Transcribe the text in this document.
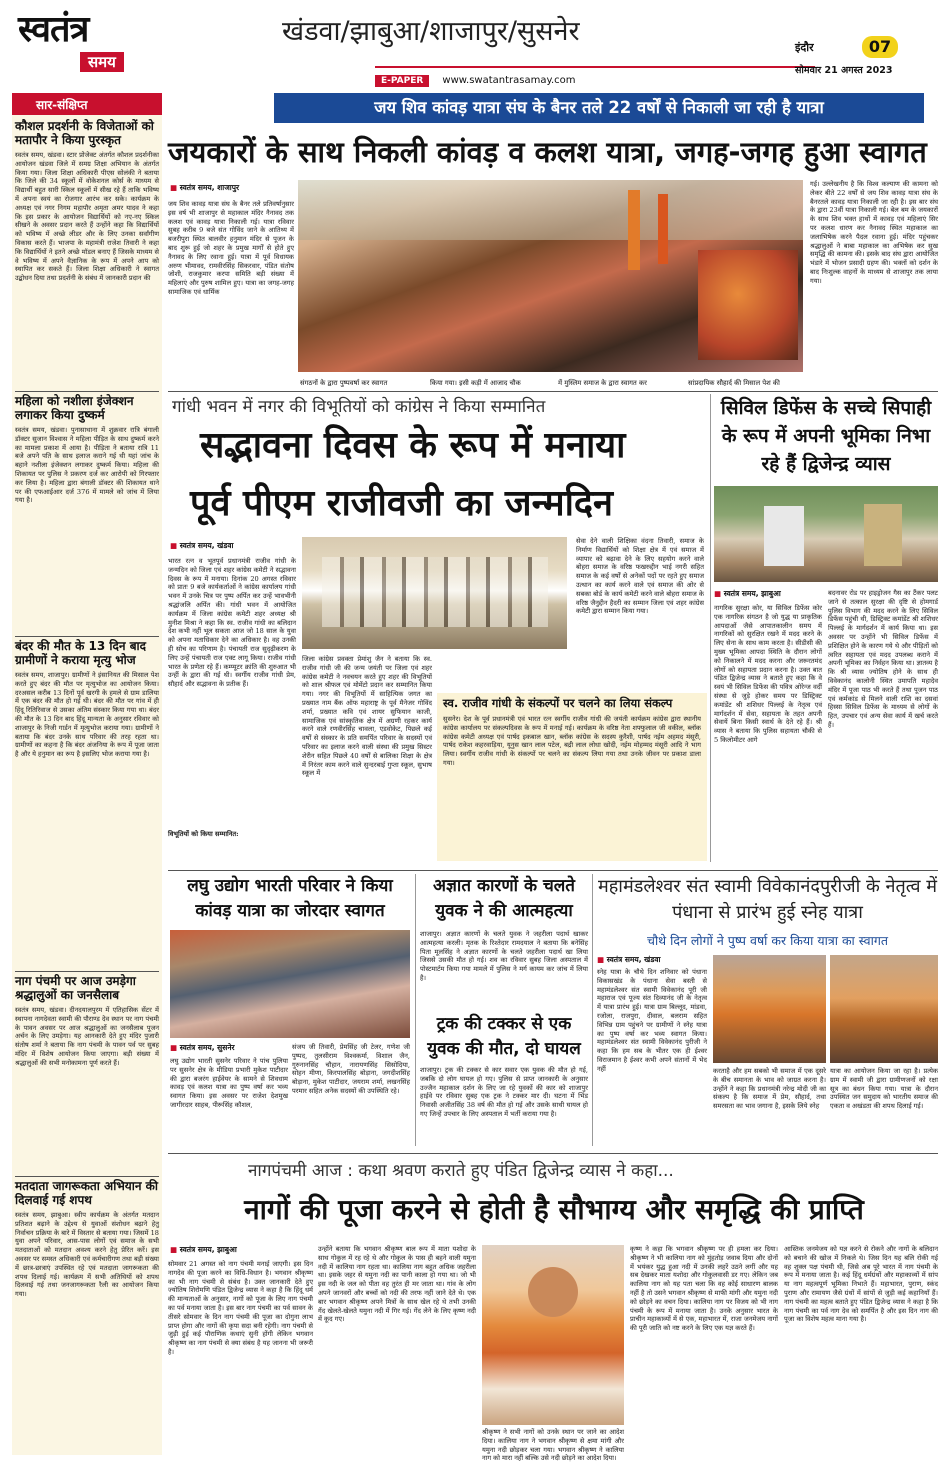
स्वतंत्र
समय
खंडवा/झाबुआ/शाजापुर/सुसनेर
E-PAPER www.swatantrasamay.com
इंदौर	07
सोमवार 21 अगस्त 2023
जय शिव कांवड़ यात्रा संघ के बैनर तले 22 वर्षों से निकाली जा रही है यात्रा
सार-संक्षिप्त
कौशल प्रदर्शनी के विजेताओं को मतापौर ने किया पुरस्कृत
स्वतंत्र समय, खंडवा। स्टार प्रोजेक्ट अंतर्गत कौशल प्रदर्शनीका आयोजन खंडवा जिले में समग्र शिक्षा अभियान के अंतर्गत किया गया। जिला शिक्षा अधिकारी पीएस सोलंकी ने बताया कि जिले की 34 स्कूलों में वोकेशनल कोर्स के माध्यम से विद्यार्थी बहुत सारी स्किल स्कूलों में सीख रहे हैं ताकि भविष्य में अपना स्वयं का रोजगार आरंभ कर सके। कार्यक्रम के अध्यक्ष एवं नगर निगम महापौर अमृता अमर यादव ने कहा कि इस प्रकार के आयोजन विद्यार्थियों को नए-नए स्किल सीखने के अवसर प्रदान करते हैं उन्होंने कहा कि विद्यार्थियों को भविष्य में अच्छे लीडर और के लिए उनका सर्वांगीण विकास करते हैं। भाजपा के महामंत्री राजेश तिवारी ने कहा कि विद्यार्थियों ने इतने अच्छे मॉडल बनाए हैं जिसके माध्यम से वे भविष्य में अपने वैज्ञानिक के रूप में अपने आप को स्थापित कर सकते हैं। जिला शिक्षा अधिकारी ने स्वागत उद्बोधन दिया तथा प्रदर्शनी के संबंध में जानकारी प्रदान की
महिला को नशीला इंजेक्शन लगाकर किया दुष्कर्म
स्वतंत्र समय, खंडवा। पुनासाथाना में शुक्रवार रात्रि बंगाली डॉक्टर सुजान विश्वास ने महिला पीड़ित के साथ दुष्कर्म करने का मामला प्रकाश में आया है। पीड़िता ने बताया रात्रि 11 बजे अपने पति के साथ इलाज कराने गई थी यहां जांच के बहाने नशीला इंजेक्शन लगाकर दुष्कर्म किया। महिला की शिकायत पर पुलिस ने प्रकरण दर्ज कर आरोपी को गिरफ्तार कर लिया है। महिला द्वारा बंगाली डॉक्टर की शिकायत थाने पर की एफआईआर दर्ज 376 में मामले को जांच में लिया गया है।
बंदर की मौत के 13 दिन बाद ग्रामीणों ने कराया मृत्यु भोज
स्वतंत्र समय, शाजापुर। ग्रामीणों ने इंसानियत की मिसाल पेश करते हुए बंदर की मौत पर मृत्युभोज का आयोजन किया। दरअसल करीब 13 दिनों पूर्व खरगी के हमले से ग्राम डालिया में एक बंदर की मौत हो गई थी। बंदर की मौत पर गांव में ही हिंदू रितिरिवाज से उसका अंतिम संस्कार किया गया था। बंदर की मौत के 13 दिन बाद हिंदू मान्यता के अनुसार रविवार को शाजापुर के निजी गार्डन में मृत्युभोज कराया गया। ग्रामीणों ने बताया कि बंदर उनके साथ परिवार की तरह रहता था। ग्रामीणों का कहना है कि बंदर अंजनिया के रूप में पूजा जाता है और ये हनुमान का रूप है इसलिए भोज कराया गया है।
नाग पंचमी पर आज उमड़ेगा श्रद्धालुओं का जनसैलाब
स्वतंत्र समय, खंडवा। दीनदयालपुरम में एतिहासिक सेंटर में स्थापना नागदेवता स्वामी की पौराण्ड देव स्थान पर नाग पंचमी के पावन अवसर पर आज श्रद्धालुओं का जनसैलाब पूजन अर्चन के लिए उमड़ेगा। यह आनकारी देते हुए मंदिर पुजारी संतोष शर्मा ने बताया कि नाग पंचमी के पावन पर्व पर सुबह मंदिर में विशेष आयोजन किया जाएगा। बड़ी संख्या में श्रद्धालुओं की सभी मनोकामना पूर्ण करते हैं।
मतदाता जागरूकता अभियान की दिलवाई गई शपथ
स्वतंत्र समय, झाबुआ। स्वीप कार्यक्रम के अंतर्गत मतदान प्रतिशत बढ़ाने के उद्देश्य से युवाओं संशोधन बढ़ाने हेतु निर्वाचन प्रक्रिया के बारे में विस्तार से बताया गया। जिसमें 18 युवा अपने परिवार, आस-पास लोगों एवं समाज के सभी मतदाताओं को मतदान अवश्य करने हेतु प्रेरित करें। इस अवसर पर समस्त अधिकारी एवं कर्मचारीगण तथा बड़ी संख्या में छात्र-छात्राएं उपस्थित रहे एवं मतदाता जागरूकता की शपथ दिलाई गई। कार्यक्रम में सभी अतिथियों को शपथ दिलवाई गई तथा जनजागरूकता रैली का आयोजन किया गया।
जयकारों के साथ निकली कांवड़ व कलश यात्रा, जगह-जगह हुआ स्वागत
■ स्वतंत्र समय, शाजापुर
जय शिव कावड़ यात्रा संघ के बैनर तले प्रतिवर्षानुसार इस वर्ष भी शाजापुर से महाकाल मंदिर नैनावद तक कलश एवं कावड़ यात्रा निकाली गई। यात्रा रविवार सुबह करीब 9 बजे संत गोविंद जाने के आतिथ्य में बजरीपुरा स्थित बालवीर हनुमान मंदिर से पूजन के बाद शुरू हुई जो शहर के प्रमुख मार्गों से होते हुए नैनावद के लिए रवाना हुई। यात्रा में पूर्व विधायक अरुण भीमावद, रामवीरसिंह सिकरवार, पंडित संतोष जोशी, राजकुमार करपा समिति बड़ी संख्या में महिलाएं और पुरुष शामिल हुए। यात्रा का जगह-जगह सामाजिक एवं धार्मिक
संगठनों के द्वारा पुष्पवर्षा कर स्वागत	किया गया। इसी कड़ी में आजाद चौक	में मुस्लिम समाज के द्वारा स्वागत कर	सांप्रदायिक सौहार्द की मिसाल पेश की
गई। उल्लेखनीय है कि विश्व कल्याण की कामना को लेकर बीते 22 वर्षों से जय शिव कावड़ यात्रा संघ के बैनरतले कावड़ यात्रा निकाली जा रही है। इस बार संघ के द्वारा 23वीं यात्रा निकाली गई। बेल बम के जयकारों के साथ शिव भक्त हाथों में कावड़ एवं महिलाएं सिर पर कलश धारण कर नैनावद स्थित महाकाल का जलाभिषेक करने पैदल रवाना हुई। मंदिर पहुंचकर श्रद्धालुओं ने बाबा महाकाल का अभिषेक कर सुख समृद्धि की कामना की। इसके बाद संघ द्वारा आयोजित भंडारे में भोजन प्रसादी ग्रहण की। भक्तों को दर्शन के बाद निःशुल्क वाहनों के माध्यम से शाजापुर तक लाया गया।
गांधी भवन में नगर की विभूतियों को कांग्रेस ने किया सम्मानित
सद्भावना दिवस के रूप में मनाया
पूर्व पीएम राजीवजी का जन्मदिन
■ स्वतंत्र समय, खंडवा
भारत रत्न व भूतपूर्व प्रधानमंत्री राजीव गांधी के जन्मदिन को जिला एवं शहर कांग्रेस कमेटी ने सद्भावना दिवस के रूप में मनाया। दिनांक 20 अगस्त रविवार को प्रातः 9 बजे कार्यकर्ताओं ने कांग्रेस कार्यालय गांधी भवन में उनके चित्र पर पुष्प अर्पित कर उन्हें भावभीनी श्रद्धांजलि अर्पित की। गांधी भवन में आयोजित कार्यक्रम में जिला कांग्रेस कमेटी शहर अध्यक्ष श्री मुनीश मिश्रा ने कहा कि स्व. राजीव गांधी का बलिदान देश कभी नहीं भूल सकता आज जो 18 साल के युवा को अपना मताधिकार देने का अधिकार है। वह उनकी ही सोच का परिणाम है। पंचायती राज सुदृढ़ीकरण के लिए उन्हें पंचायती राज एक्ट लागू किया। राजीव गांधी भारत के प्रणेता रहे हैं। कम्प्यूटर क्रांति की शुरुआत भी उन्हीं के द्वारा की गई थी। स्वर्गीय राजीव गांधी प्रेम, सौहार्द और सद्भावना के प्रतीक हैं।
जिला कांग्रेस प्रवक्ता प्रेमांशु जैन ने बताया कि स्व. राजीव गांधी जी की जन्म जयंती पर जिला एवं शहर कांग्रेस कमेटी ने नवचयन करते हुए शहर की विभूतियों को शाल श्रीफल एवं मोमेंटो प्रदान कर सम्मानित किया गया। नगर की विभूतियों में साहित्यिक जगत का प्रख्यात नाम बैंक ऑफ महाराष्ट्र के पूर्व मैनेजर गोविंद शर्मा, प्रख्यात कवि एवं शायर सुफियान काजी, सामाजिक एवं सांस्कृतिक क्षेत्र में अग्रणी रहकर कार्य करने वाले रणवीरसिंह चावला, एडवोकेट, पिछले कई वर्षों से संस्कार के प्रति समर्पित परिवार के सदस्यों एवं परिवार का इलाज करने वाली संस्था की प्रमुख सिस्टर शेरीन सहित पिछले 40 वर्षों से बालिका शिक्षा के क्षेत्र में निरंतर काम करने वाले सुन्दरबाई गुप्ता स्कूल, सुभाष स्कूल में
विभूतियों को किया सम्मानित:
सेवा देने वाली शिक्षिका वंदना तिवारी, समाज के निर्माण विद्यार्थियों को शिक्षा क्षेत्र में एवं समाज में व्यापार को बढ़ावा देने के लिए सहयोग करने वाले बोहरा समाज के वरिष्ठ फखरुद्दीन भाई नगरी सहित समाज के कई वर्षों से अनेकों पदों पर रहते हुए समाज उत्थान का कार्य करने वाले एवं समाज की ओर से सबका बोर्ड के कार्य कमेटी करने वाले बोहरा समाज के वरिष्ठ जैनुद्दीन हैदरी का सम्मान जिला एवं शहर कांग्रेस कमेटी द्वारा सम्मान किया गया।
स्व. राजीव गांधी के संकल्पों पर चलने का लिया संकल्प
सुसनेर। देश के पूर्व प्रधानमंत्री एवं भारत रत्न स्वर्गीय राजीव गांधी की जयंती कार्यक्रम कांग्रेस द्वारा स्थानीय कांग्रेस कार्यालय पर संकल्पदिवस के रूप में मनाई गई। कार्यक्रम के वरिष्ठ नेता शफ्फुलाल जी वकील, ब्लॉक कांग्रेस कमेटी अध्यक्ष एवं पार्षद इकबाल खान, ब्लॉक कांग्रेस के सदस्य कुरैशी, पार्षद नईम अहमद मंसूरी, पार्षद राकेश कहरवाड़िया, यूनुस खान लाल पटेल, बद्री लाल लोधा खोदी, नईम मोहम्मद मंसूरी आदि ने भाग लिया। स्वर्गीय राजीव गांधी के संकल्पों पर चलने का संकल्प लिया गया तथा उनके जीवन पर प्रकाश डाला गया।
सिविल डिफेंस के सच्चे सिपाही के रूप में अपनी भूमिका निभा रहे हैं द्विजेन्द्र व्यास
■ स्वतंत्र समय, झाबुआ
नागरिक सुरक्षा कोर, या सिविल डिफेंस कोर एक नागरिक संगठन है जो युद्ध या प्राकृतिक आपदाओं जैसे आपातकालीन समय में नागरिकों को सुरक्षित रखने में मदद करने के लिए सेना के साथ काम करता है। सीडीसी की मुख्य भूमिका आपदा स्थिति के दौरान लोगों को निकालने में मदद करना और जरूरतमंद लोगों को सहायता प्रदान करना है। उक्त बात पंडित द्विजेन्द्र व्यास ने बताते हुए कहा कि वे स्वयं भी सिविल डिफेंस की पवित्र ओरेन्ज वर्दी संस्था से जुड़े होकर समय पर डिस्ट्रिक्ट कमांडेंट श्री शशिधर पिल्लई के नेतृत्व एवं मार्गदर्शन में सेवा, सहायता के तहत अपनी सेवायें बिना किसी स्वार्थ के देते रहे हैं। श्री व्यास ने बताया कि पुलिस सहायता चौकी से 5 किलोमीटर आगे
बदनावर रोड पर हाइड्रोजन गैस का टैंकर पलट जाने से तत्काल सुरक्षा की दृष्टि से होमगार्ड पुलिस विभाग की मदद करने के लिए सिविल डिफेंस पहुंची थी, डिस्ट्रिक्ट कमांडेंट श्री शशिधर पिल्लई के मार्गदर्शन में कार्य किया था। इस अवसर पर उन्होंने भी सिविल डिफेंस में प्रशिक्षित होने के कारण गये थे और पीड़ितों को त्वरित सहायता एवं मदद उपलब्ध कराने में अपनी भूमिका का निर्वहन किया था। ज्ञातव्य है कि श्री व्यास ज्योतिष होने के साथ ही विवेकानंद कालोनी स्थित उमापति महादेव मंदिर में पूजा पाठ भी करते हैं तथा पूजन पाठ एवं कर्मकांड से मिलने वाली राशि का दसवां हिस्सा सिविल डिफेंस के माध्यम से लोगों के हित, उपचार एवं अन्य सेवा कार्य में खर्च करते हैं।
लघु उद्योग भारती परिवार ने किया कांवड़ यात्रा का जोरदार स्वागत
■ स्वतंत्र समय, सुसनेर
लघु उद्योग भारती सुसनेर परिवार ने पांच पुलिया पर सुसनेर क्षेत्र के मीडिया प्रभारी मुकेश पाटीदार की द्वारा बजरंग हाईवेयर के सामने से शिवधाम कावड़ एवं कलश यात्रा का पुष्प वर्षा कर भव्य स्वागत किया। इस अवसर पर राजेश देशमुख जागीरदार साहब, पीरूसिंह कौशल,
संजय जी तिवारी, प्रेमसिंह जी टेलर, गणेश जी पुष्पद, तुलसीराम विश्वकर्मा, विशाल जैन, गुरुनानसिंह चौहान, नारायणसिंह सिसोदिया, सोहन मीणा, किरपालसिंह बोड़ाना, जगदीशसिंह बोड़ाना, मुकेश पाटीदार, जयराम शर्मा, लखनसिंह परमार सहित अनेक सदस्यों की उपस्थिति रहे।
अज्ञात कारणों के चलते युवक ने की आत्महत्या
शाजापुर। अज्ञात कारणों के चलते युवक ने जहरीला पदार्थ खाकर आत्महत्या करली। मृतक के रिश्तेदार रामदयाल ने बताया कि बनेसिंह पिता मूलसिंह ने अज्ञात कारणों के चलते जहरीला पदार्थ खा लिया जिससे उसकी मौत हो गई। शव का रविवार सुबह जिला अस्पताल में पोस्टमार्टम किया गया मामले में पुलिस ने मर्ग कायम कर जांच में लिया है।
ट्रक की टक्कर से एक युवक की मौत, दो घायल
शाजापुर। ट्रक की टक्कर से कार सवार एक युवक की मौत हो गई, जबकि दो लोग घायल हो गए। पुलिस से प्राप्त जानकारी के अनुसार उज्जैन महाकाल दर्शन के लिए जा रहे युवकों की कार को शाजापुर हाईवे पर रविवार सुबह एक ट्रक ने टक्कर मार दी। घटना में भिंड निवासी अजीतसिंह 38 वर्ष की मौत हो गई और उसके साथी घायल हो गए जिन्हें उपचार के लिए अस्पताल में भर्ती कराया गया है।
महामंडलेश्वर संत स्वामी विवेकानंदपुरीजी के नेतृत्व में पंधाना से प्रारंभ हुई स्नेह यात्रा
चौथे दिन लोगों ने पुष्प वर्षा कर किया यात्रा का स्वागत
■ स्वतंत्र समय, खंडवा
स्नेह यात्रा के चौथे दिन शनिवार को पंधाना विकासखंड के पंधाना सेवा बस्ती से महामंडलेश्वर संत स्वामी विवेकानंद पूरी जी महाराज एवं पूज्य संत दिव्यानंद जी के नेतृत्व में यात्रा प्रारंभ हुई। यात्रा ग्राम बिल्लूद, मांडवा, रजोला, राजपुरा, दीवाल, बलराम सहित विभिन्न ग्राम पहुंचने पर ग्रामीणों ने स्नेह यात्रा का पुष्प वर्षा कर भव्य स्वागत किया। महामंडलेश्वर संत स्वामी विवेकानंद पुरीजी ने कहा कि हम सब के भीतर एक ही ईश्वर विराजमान है ईश्वर कभी अपने संतानों में भेद नहीं	करताहै और हम सबको भी समाज में एक दूसरे के बीच समानता के भाव को जाग्रत करना है। उन्होंने ने कहा कि प्रधानमंत्री नरेन्द्र मोदी जी का संकल्प है कि समाज में प्रेम, सौहार्द, तथा समरसता का भाव जगाना है, इसके लिये स्नेह
यात्रा का आयोजन किया जा रहा है। प्रत्येक ग्राम में स्वामी जी द्वारा ग्रामीणजनों को रक्षा सूत्र का बंधन किया गया। यात्रा के दौरान उपस्थित जन समुदाय को भारतीय समाज की एकता व अखंडता की शपथ दिलाई गई।
नागपंचमी आज : कथा श्रवण कराते हुए पंडित द्विजेन्द्र व्यास ने कहा...
नागों की पूजा करने से होती है सौभाग्य और समृद्धि की प्राप्ति
■ स्वतंत्र समय, झाबुआ
सोमवार 21 अगस्त को नाग पंचमी मनाई जाएगी। इस दिन नागदेव की पूजा करने का विधि-विधान है। भगवान श्रीकृष्ण का भी नाग पंचमी से संबंध है। उक्त जानकारी देते हुए ज्योतिष शिरोमणि पंडित द्विजेन्द्र व्यास ने कहा है कि हिंदू धर्म की मान्यताओं के अनुसार, नागों को पूजा के लिए नाग पंचमी का पर्व मनाया जाता है। इस बार नाग पंचमी का पर्व सावन के तीसरे सोमवार के दिन नाग पंचमी की पूजा का दोगुना लाभ प्राप्त होगा और नागों की कृपा सदा बनी रहेगी। नाग पंचमी से जुड़ी हुई कई पौराणिक कथाएं सुनी होंगी लेकिन भगवान श्रीकृष्ण का नाग पंचमी से क्या संबंध है यह जानना भी जरूरी है।
उन्होंने बताया कि भगवान श्रीकृष्ण बाल रूप में माता यशोदा के साथ गोकुल में रह रहे थे और गोकुल के पास ही बहने वाली यमुना नदी में कालिया नाग रहता था। कालिया नाग बहुत अधिक जहरीला था। इसके जहर से यमुना नदी का पानी काला हो गया था। जो भी इस नदी के जल को पीता वह तुरंत ही मर जाता था। गांव के लोग अपने जानवरों और बच्चों को नदी की तरफ नहीं जाने देते थे। एक बार भगवान श्रीकृष्ण अपने मित्रों के साथ खेल रहे थे तभी उनकी गेंद खेलते-खेलते यमुना नदी में गिर गई। गेंद लेने के लिए कृष्ण नदी में कूद गए।
श्रीकृष्ण ने सभी नागों को उनके स्थान पर जाने का आदेश दिया। कालिया नाग ने भगवान श्रीकृष्ण से क्षमा मांगी और यमुना नदी छोड़कर चला गया। भगवान श्रीकृष्ण ने कालिया नाग को मारा नहीं बल्कि उसे नदी छोड़ने का आदेश दिया।
कृष्ण ने कहा कि भगवान श्रीकृष्ण पर ही हमला कर दिया। श्रीकृष्ण ने भी कालिया नाग को मुंहतोड़ जवाब दिया और दोनों में भयंकर युद्ध हुआ नदी में उनकी लहरें उठने लगीं और यह सब देखकर माता यशोदा और गोकुलवासी डर गए। लेकिन जब कालिया नाग को यह पता चला कि वह कोई साधारण बालक नहीं है तो उसने भगवान श्रीकृष्ण से माफी मांगी और यमुना नदी को छोड़ने का वचन दिया। कालिया नाग पर विजय को भी नाग पंचमी के रूप में मनाया जाता है। उनके अनुसार भारत के प्राचीन महाकाव्यों में से एक, महाभारत में, राजा जनमेजय नागों की पूरी जाति को नष्ट करने के लिए एक यज्ञ करते हैं।
आस्तिक जनमेजय को यज्ञ करने से रोकने और नागों के बलिदान को बचाने की खोज में निकले थे। जिस दिन यह बलि रोकी गई वह शुक्ल पक्ष पंचमी थी, जिसे अब पूरे भारत में नाग पंचमी के रूप में मनाया जाता है। कई हिंदू धर्मग्रंथों और महाकाव्यों में सांप या नाग महत्वपूर्ण भूमिका निभाते हैं। महाभारत, पुराण, स्कंद पुराण और रामायण जैसे ग्रंथों में सांपों से जुड़ी कई कहानियाँ हैं। नाग पंचमी का महत्व बताते हुए पंडित द्विजेन्द्र व्यास ने कहा है कि नाग पंचमी का पर्व नाग देव को समर्पित है और इस दिन नाग की पूजा का विशेष महत्व माना गया है।
